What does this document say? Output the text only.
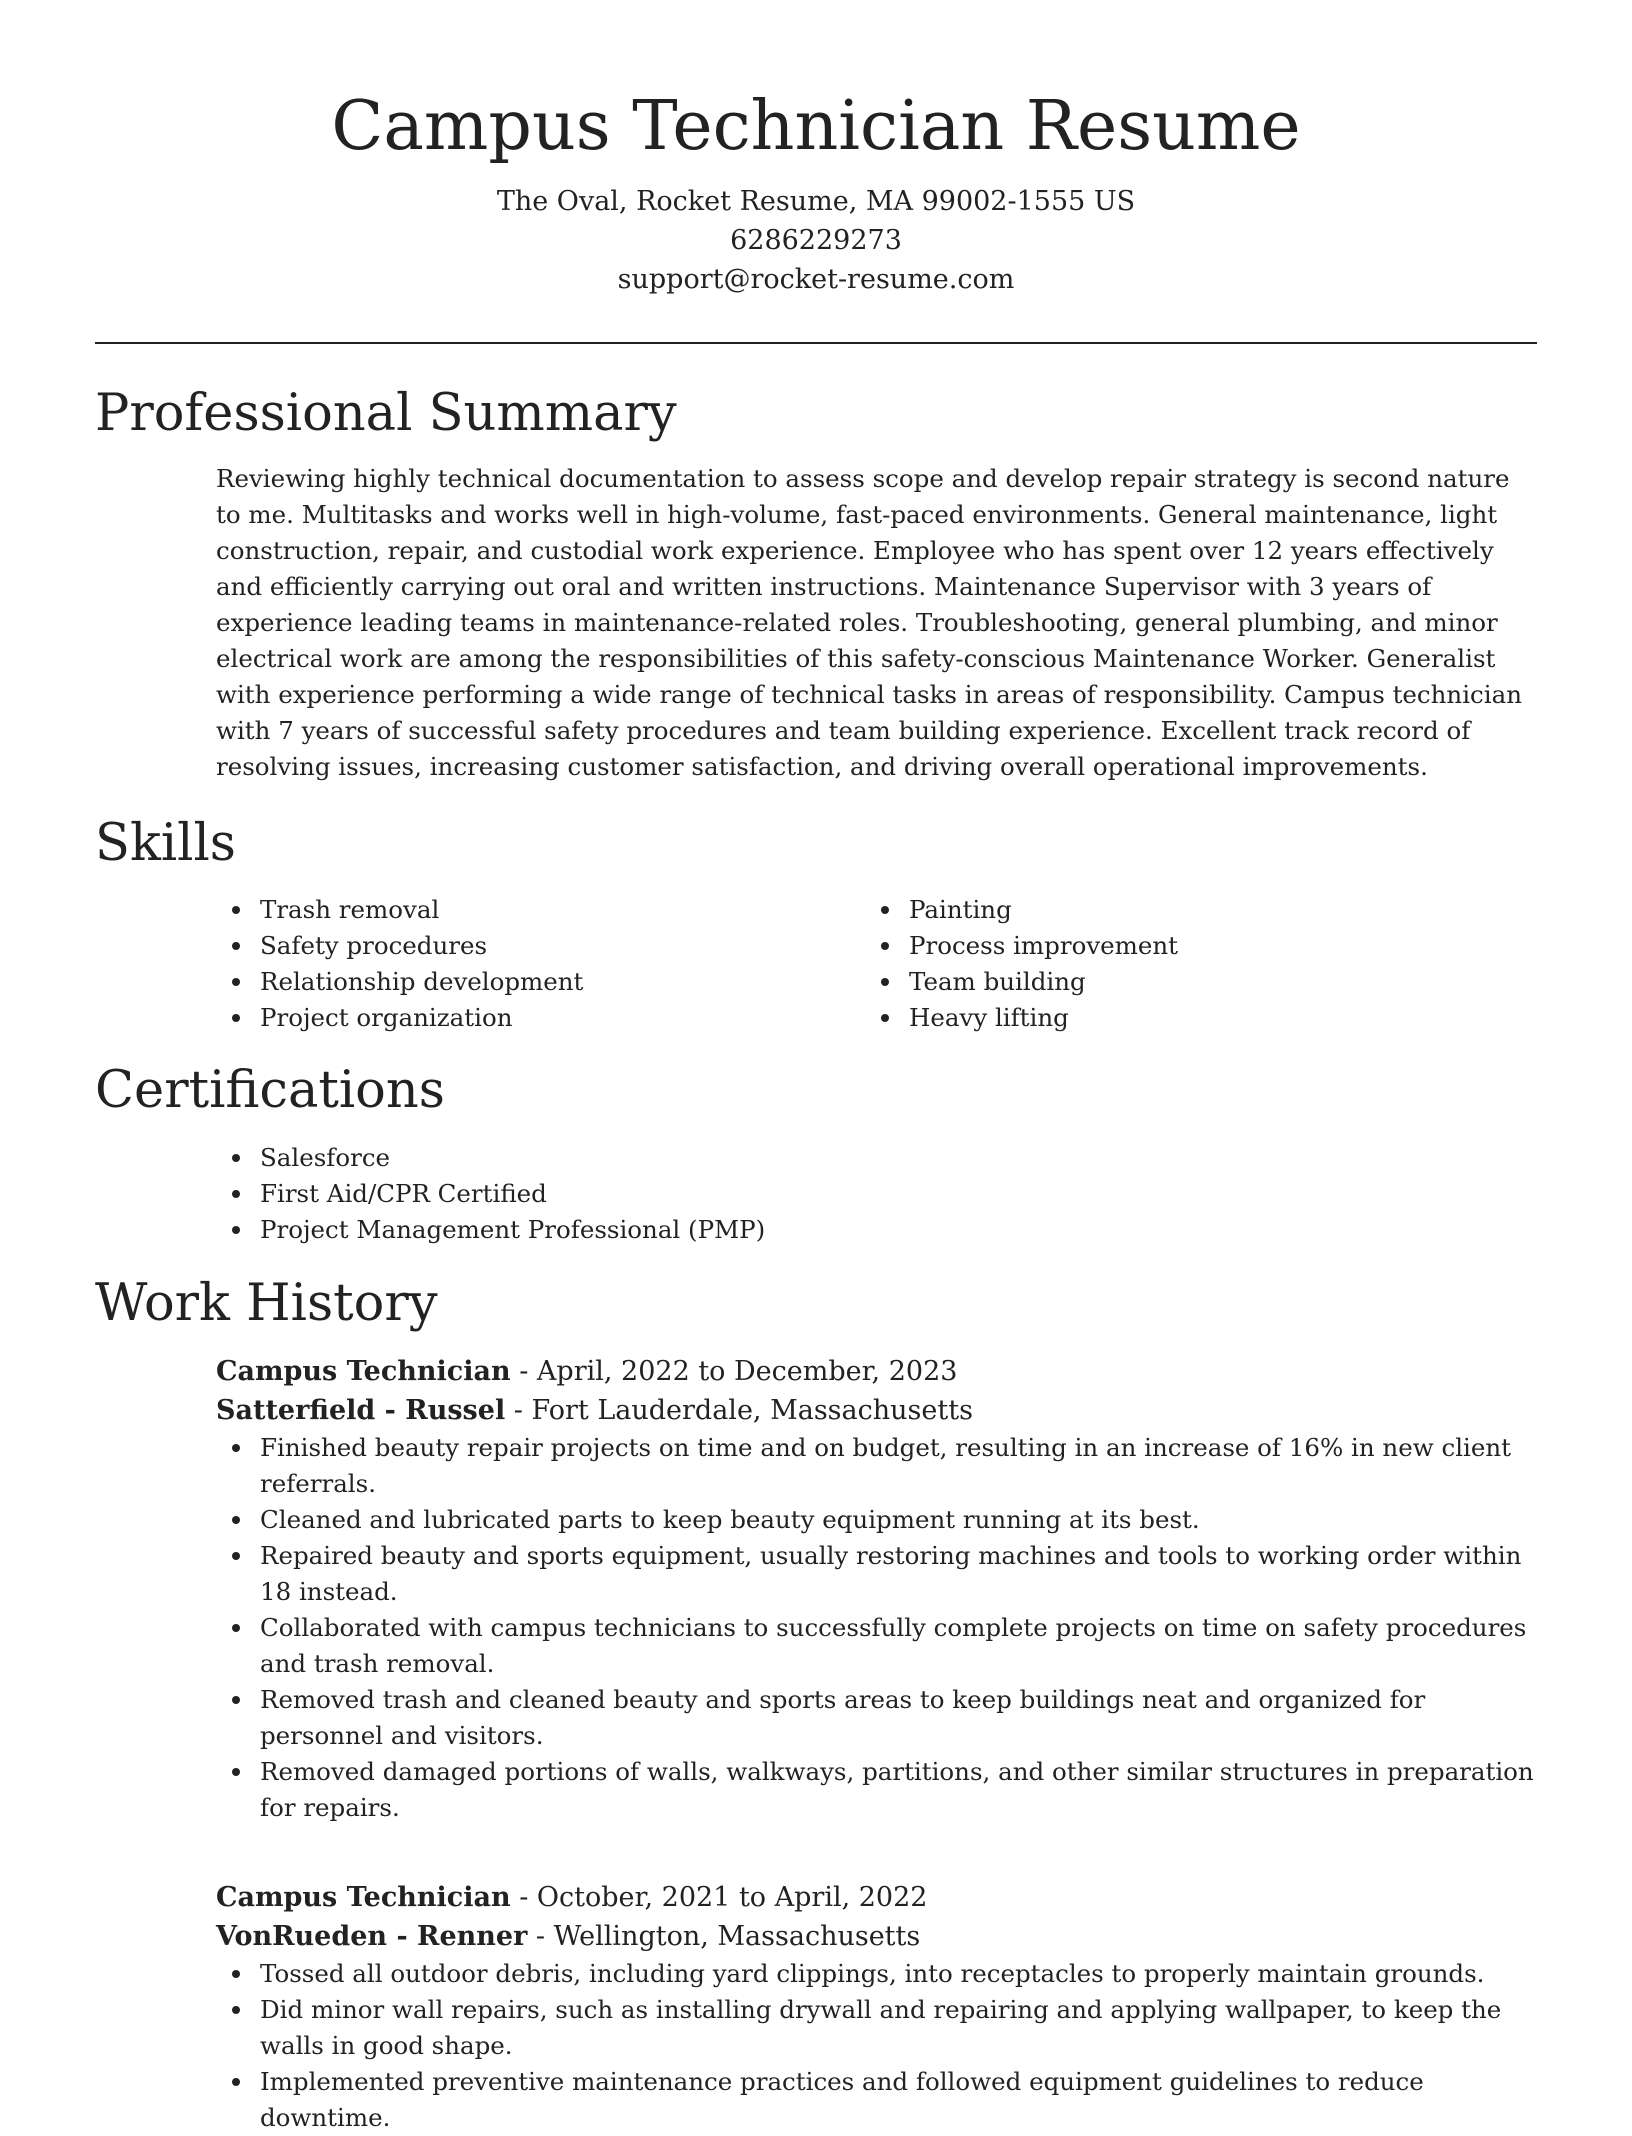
Campus Technician Resume
The Oval, Rocket Resume, MA 99002-1555 US
6286229273
support@rocket-resume.com
Professional Summary

Reviewing highly technical documentation to assess scope and develop repair strategy is second nature to me. Multitasks and works well in high-volume, fast-paced environments. General maintenance, light construction, repair, and custodial work experience. Employee who has spent over 12 years effectively and efficiently carrying out oral and written instructions. Maintenance Supervisor with 3 years of experience leading teams in maintenance-related roles. Troubleshooting, general plumbing, and minor electrical work are among the responsibilities of this safety-conscious Maintenance Worker. Generalist with experience performing a wide range of technical tasks in areas of responsibility. Campus technician with 7 years of successful safety procedures and team building experience. Excellent track record of resolving issues, increasing customer satisfaction, and driving overall operational improvements.

Skills
Trash removal
Safety procedures
Relationship development
Project organization
Painting
Process improvement
Team building
Heavy lifting
Certifications
Salesforce
First Aid/CPR Certified
Project Management Professional (PMP)
Work History
Campus Technician - April, 2022 to December, 2023
Satterfield - Russel - Fort Lauderdale, Massachusetts
Finished beauty repair projects on time and on budget, resulting in an increase of 16% in new client referrals.
Cleaned and lubricated parts to keep beauty equipment running at its best.
Repaired beauty and sports equipment, usually restoring machines and tools to working order within 18 instead.
Collaborated with campus technicians to successfully complete projects on time on safety procedures and trash removal.
Removed trash and cleaned beauty and sports areas to keep buildings neat and organized for personnel and visitors.
Removed damaged portions of walls, walkways, partitions, and other similar structures in preparation for repairs.
Campus Technician - October, 2021 to April, 2022
VonRueden - Renner - Wellington, Massachusetts
Tossed all outdoor debris, including yard clippings, into receptacles to properly maintain grounds.
Did minor wall repairs, such as installing drywall and repairing and applying wallpaper, to keep the walls in good shape.
Implemented preventive maintenance practices and followed equipment guidelines to reduce downtime.
